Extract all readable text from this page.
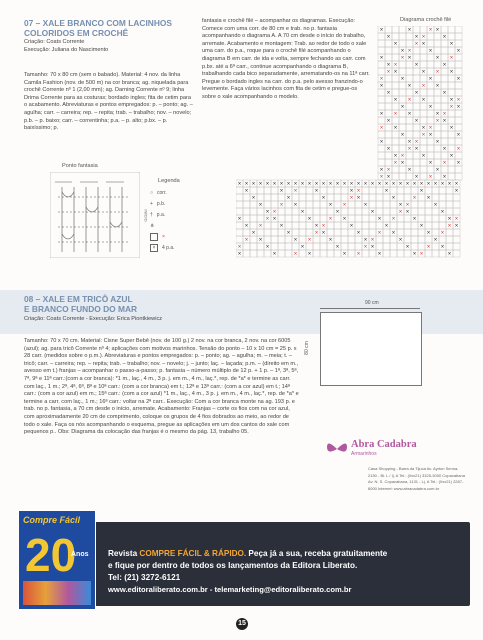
07 – XALE BRANCO COM LACINHOS
COLORIDOS EM CROCHÊ
Criação: Coats Corrente
Execução: Juliana do Nascimento
Tamanho: 70 x 80 cm (sem o babado). Material: 4 nov. da linha Camila Fashion (nov. de 500 m) na cor branca; ag. niquelada para crochê Corrente nº 1 (2,00 mm); ag. Darning Corrente nº 9; linha Drima Corrente para as costuras; bordado ingles; fita de cetim para o acabamento. Abreviaturas e pontos empregados: p. – ponto; ag. – agulha; carr. – carreira; rep. – repita; trab. – trabalho; nov. – novelo; p.b. – p. baixo; carr. – correntinha; p.a. – p. alto; p.bx. – p. baixíssimo; p.
fantasia e crochê filé – acompanhar os diagramas. Execução: Comece com uma corr. de 80 cm e trab. no p. fantasia acompanhando o diagrama A. A 70 cm desde o início do trabalho, arremate. Acabamento e montagem: Trab. ao redor de todo o xale uma carr. do p.a., roque para o crochê filé acompanhando o diagrama B em carr. de ida e volta, sempre fechando as carr. com p.bx. até a 6ª carr., continue acompanhando o diagrama B, trabalhando cada bico separadamente, arrematando-os na 11ª carr. Pregue o bordado ingles na carr. do p.a. pelo avesso franzindo-o levemente. Faça vários lacinhos com fita de cetim e pregue-os sobre o xale acompanhando o modelo.
Diagrama crochê filé
×	×	× ×
×	× ×	×
×	× ×	×
× ×	×	×
×	× ×	× ×
× ×	×	×
× ×	× × ×
×	×	×	×
×	× × ×
×	×	×
× × ×	× ×
×	×	× ×
× × ×	× ×
×	×	× ×
× ×	× ×	×
×	× ×	×
×	× ×	×
×	× ×	× ×
× ×	×	×
× ×	× × ×
× ×	×	×
× ×	× × ×
× × × × × × × × × × × × × × × × × × × × × × × × × × × × × × × ×
×	× ×	×	× ×	×	×	×
×	×	×	× ×	×	× ×
×	× ×	× ×	×	× ×	×
× ×	×	×	×	× ×	×
×	× ×	×	× ×	× ×	×	× ×
× ×	×	× ×	×	×	×	× ×
×	×	× ×	×	× ×	× ×
× ×	× ×	×	× ×	×	×
×	×	×	×	× ×	×	× ×
×	×	× ×	× ×	×	× ×	×
Ponto fantasia
INÍCIO
Legenda
○ corr.
+ p.b.
† p.a.
⋔
×
×	4 p.a.
08 – XALE EM TRICÔ AZUL
E BRANCO FUNDO DO MAR
Criação: Coats Corrente - Execução: Erica Piontkiewicz
90 cm
80 cm
Tamanho: 70 x 70 cm. Material: Cisne Super Bebê (nov. de 100 g.) 2 nov. na cor branca, 2 nov. na cor 6005 (azul); ag. para tricô Corrente nº 4; aplicações com motivos marinhos. Tensão do ponto – 10 x 10 cm = 25 p. x 28 carr. (medidos sobre o p.m.). Abreviaturas e pontos empregados: p. – ponto; ag. – agulha; m. – meia; t. – tricô; carr. – carreira; rep. – repita; trab. – trabalho; nov. – novelo; j. – junto; laç. – laçada; p.m. – (direito em m., avesso em t.) franjas – acompanhar o passo-a-passo; p. fantasia – número múltiplo de 12 p. + 1 p. – 1ª, 3ª, 5ª, 7ª, 9ª e 11ª carr.:(com a cor branca): *1 m., laç., 4 m., 3 p. j. em m., 4 m., laç.*, rep. de *a* e termine as carr. com laç., 1 m.; 2ª, 4ª, 6ª, 8ª e 10ª carr.: (com a cor branca) em t.; 12ª e 13ª carr.: (com a cor azul) em t.; 14ª carr.: (com a cor azul) em m.; 15ª carr.: (com a cor azul) *1 m., laç., 4 m., 3 p. j. em m., 4 m., laç.*, rep. de *a* e termine a carr. com laç., 1 m.; 16ª carr.: voltar na 2ª carr.. Execução: Com a cor branca monte na ag. 193 p. e trab. no p. fantasia, a 70 cm desde o início, arremate. Acabamento: Franjas – corte os fios com na cor azul, com aproximadamente 20 cm de comprimento, coloque os grupos de 4 fios dobrados ao meio, ao redor de todo o xale. Faça os nós acompanhando o esquema, pregue as aplicações em um dos cantos do xale com pequenos p.. Obs: Diagrama da colocação das franjas é o mesmo da pág. 13, trabalho 05.
Abra Cadabra
Armarinhos
Casa Shopping - Barra da Tijuca Av. Ayrton Senna, 2150 - Bl. L / Ij. A Tel.: (0xx21) 3325-3000 Copacabana Av. N. S. Copacabana, 1131 - Lj. A Tel.: (0xx21) 2287-8000 Internet: www.abracadabra.com.br
Compre Fácil
20
Anos Revista COMPRE FÁCIL & RÁPIDO. Peça já a sua, receba gratuitamente
e fique por dentro de todos os lançamentos da Editora Liberato.
Tel: (21) 3272-6121
www.editoraliberato.com.br - telemarketing@editoraliberato.com.br
15
